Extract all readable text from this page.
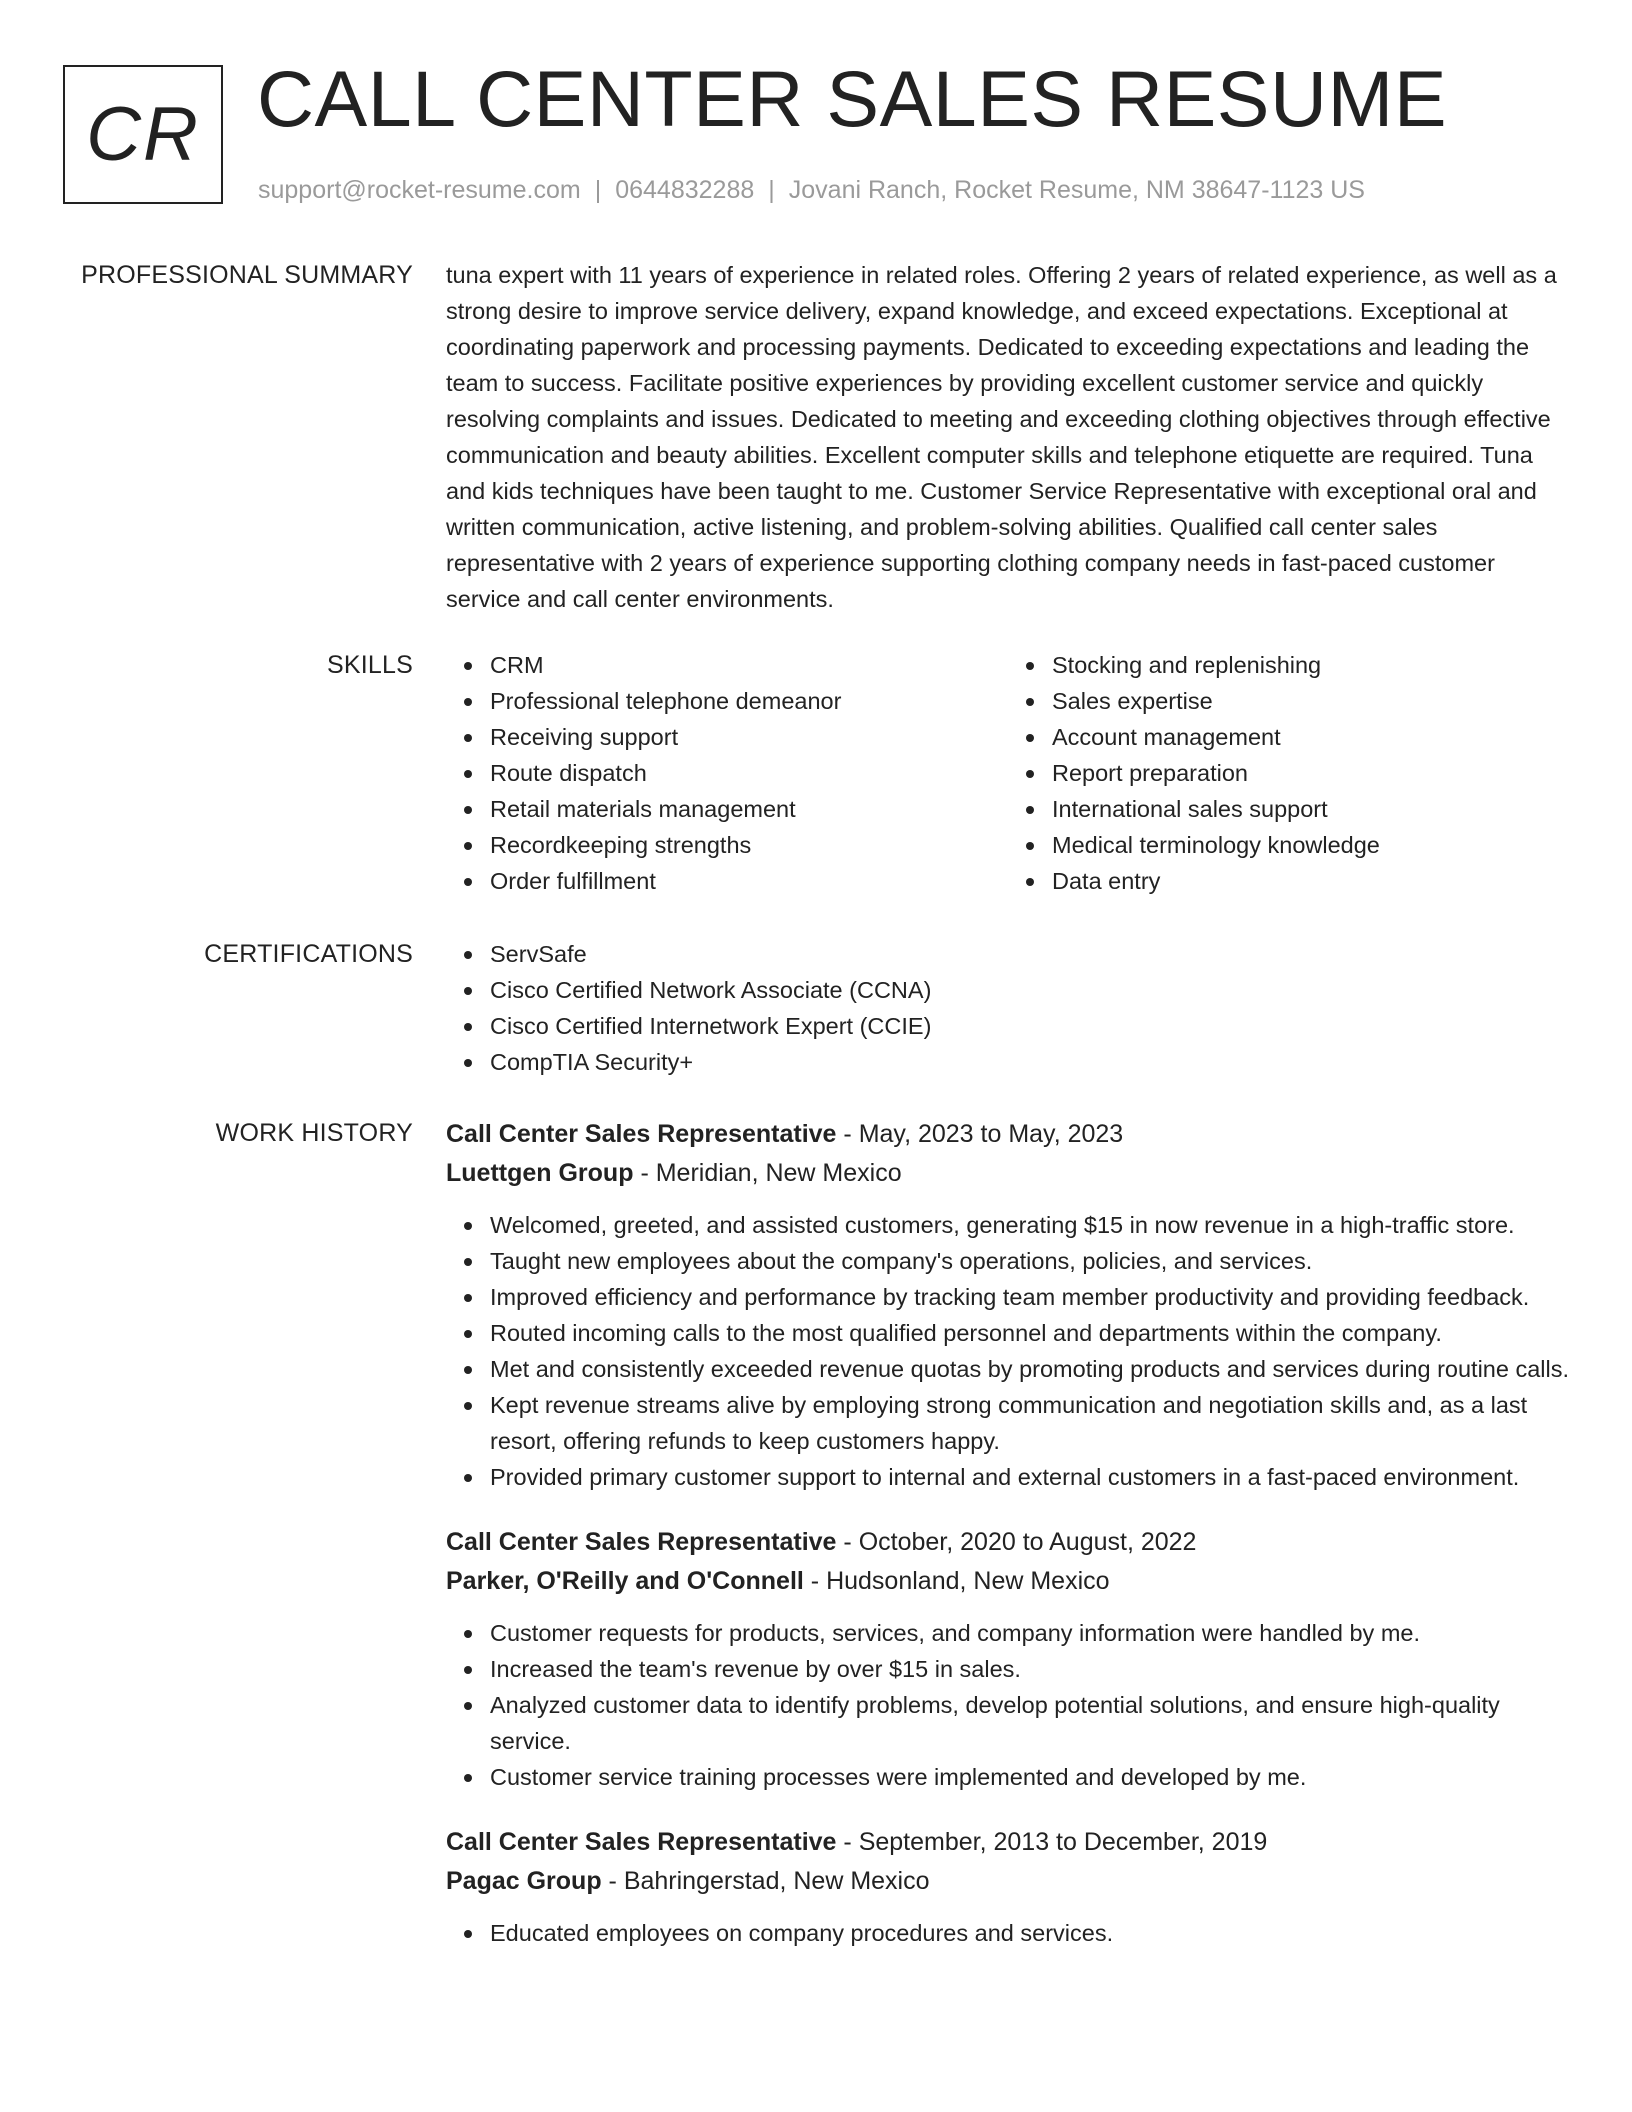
CR CALL CENTER SALES RESUME
support@rocket-resume.com | 0644832288 | Jovani Ranch, Rocket Resume, NM 38647-1123 US
PROFESSIONAL SUMMARY tuna expert with 11 years of experience in related roles. Offering 2 years of related experience, as well as a strong desire to improve service delivery, expand knowledge, and exceed expectations. Exceptional at coordinating paperwork and processing payments. Dedicated to exceeding expectations and leading the team to success. Facilitate positive experiences by providing excellent customer service and quickly resolving complaints and issues. Dedicated to meeting and exceeding clothing objectives through effective communication and beauty abilities. Excellent computer skills and telephone etiquette are required. Tuna and kids techniques have been taught to me. Customer Service Representative with exceptional oral and written communication, active listening, and problem-solving abilities. Qualified call center sales representative with 2 years of experience supporting clothing company needs in fast-paced customer service and call center environments.
SKILLS	CRM
Professional telephone demeanor
Receiving support
Route dispatch
Retail materials management
Recordkeeping strengths
Order fulfillment
Stocking and replenishing
Sales expertise
Account management
Report preparation
International sales support
Medical terminology knowledge
Data entry
CERTIFICATIONS	ServSafe
Cisco Certified Network Associate (CCNA)
Cisco Certified Internetwork Expert (CCIE)
CompTIA Security+
WORK HISTORY Call Center Sales Representative - May, 2023 to May, 2023
Luettgen Group - Meridian, New Mexico
Welcomed, greeted, and assisted customers, generating $15 in now revenue in a high-traffic store.
Taught new employees about the company's operations, policies, and services.
Improved efficiency and performance by tracking team member productivity and providing feedback.
Routed incoming calls to the most qualified personnel and departments within the company.
Met and consistently exceeded revenue quotas by promoting products and services during routine calls.
Kept revenue streams alive by employing strong communication and negotiation skills and, as a last resort, offering refunds to keep customers happy.
Provided primary customer support to internal and external customers in a fast-paced environment.
Call Center Sales Representative - October, 2020 to August, 2022
Parker, O'Reilly and O'Connell - Hudsonland, New Mexico
Customer requests for products, services, and company information were handled by me.
Increased the team's revenue by over $15 in sales.
Analyzed customer data to identify problems, develop potential solutions, and ensure high-quality service.
Customer service training processes were implemented and developed by me.
Call Center Sales Representative - September, 2013 to December, 2019
Pagac Group - Bahringerstad, New Mexico
Educated employees on company procedures and services.
